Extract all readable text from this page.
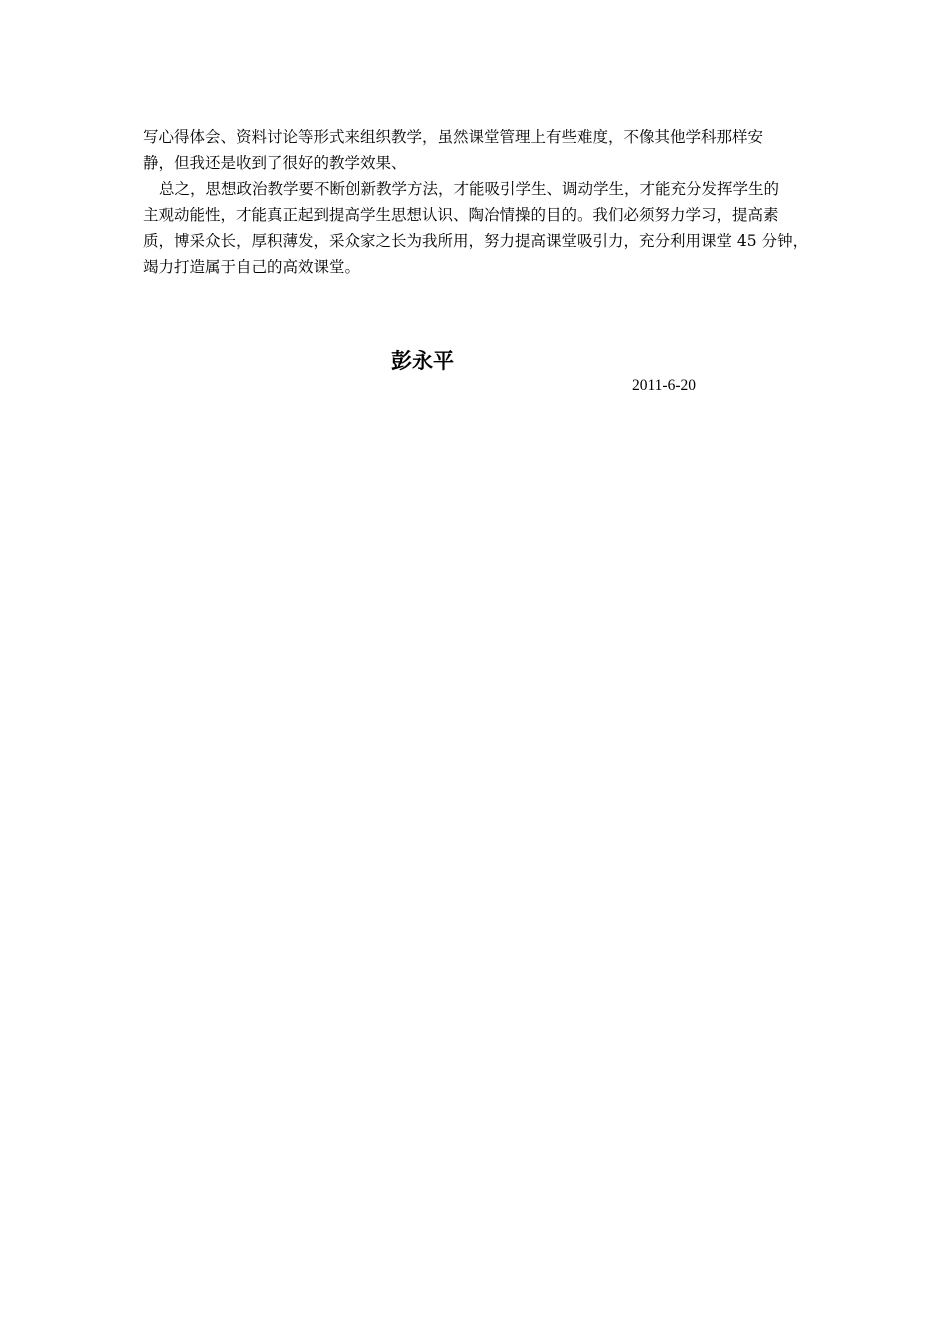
写心得体会、资料讨论等形式来组织教学，虽然课堂管理上有些难度，不像其他学科那样安
静，但我还是收到了很好的教学效果、
总之，思想政治教学要不断创新教学方法，才能吸引学生、调动学生，才能充分发挥学生的
主观动能性，才能真正起到提高学生思想认识、陶冶情操的目的。我们必须努力学习，提高素
质，博采众长，厚积薄发，采众家之长为我所用，努力提高课堂吸引力，充分利用课堂 45 分钟，
竭力打造属于自己的高效课堂。
彭永平
2011-6-20
